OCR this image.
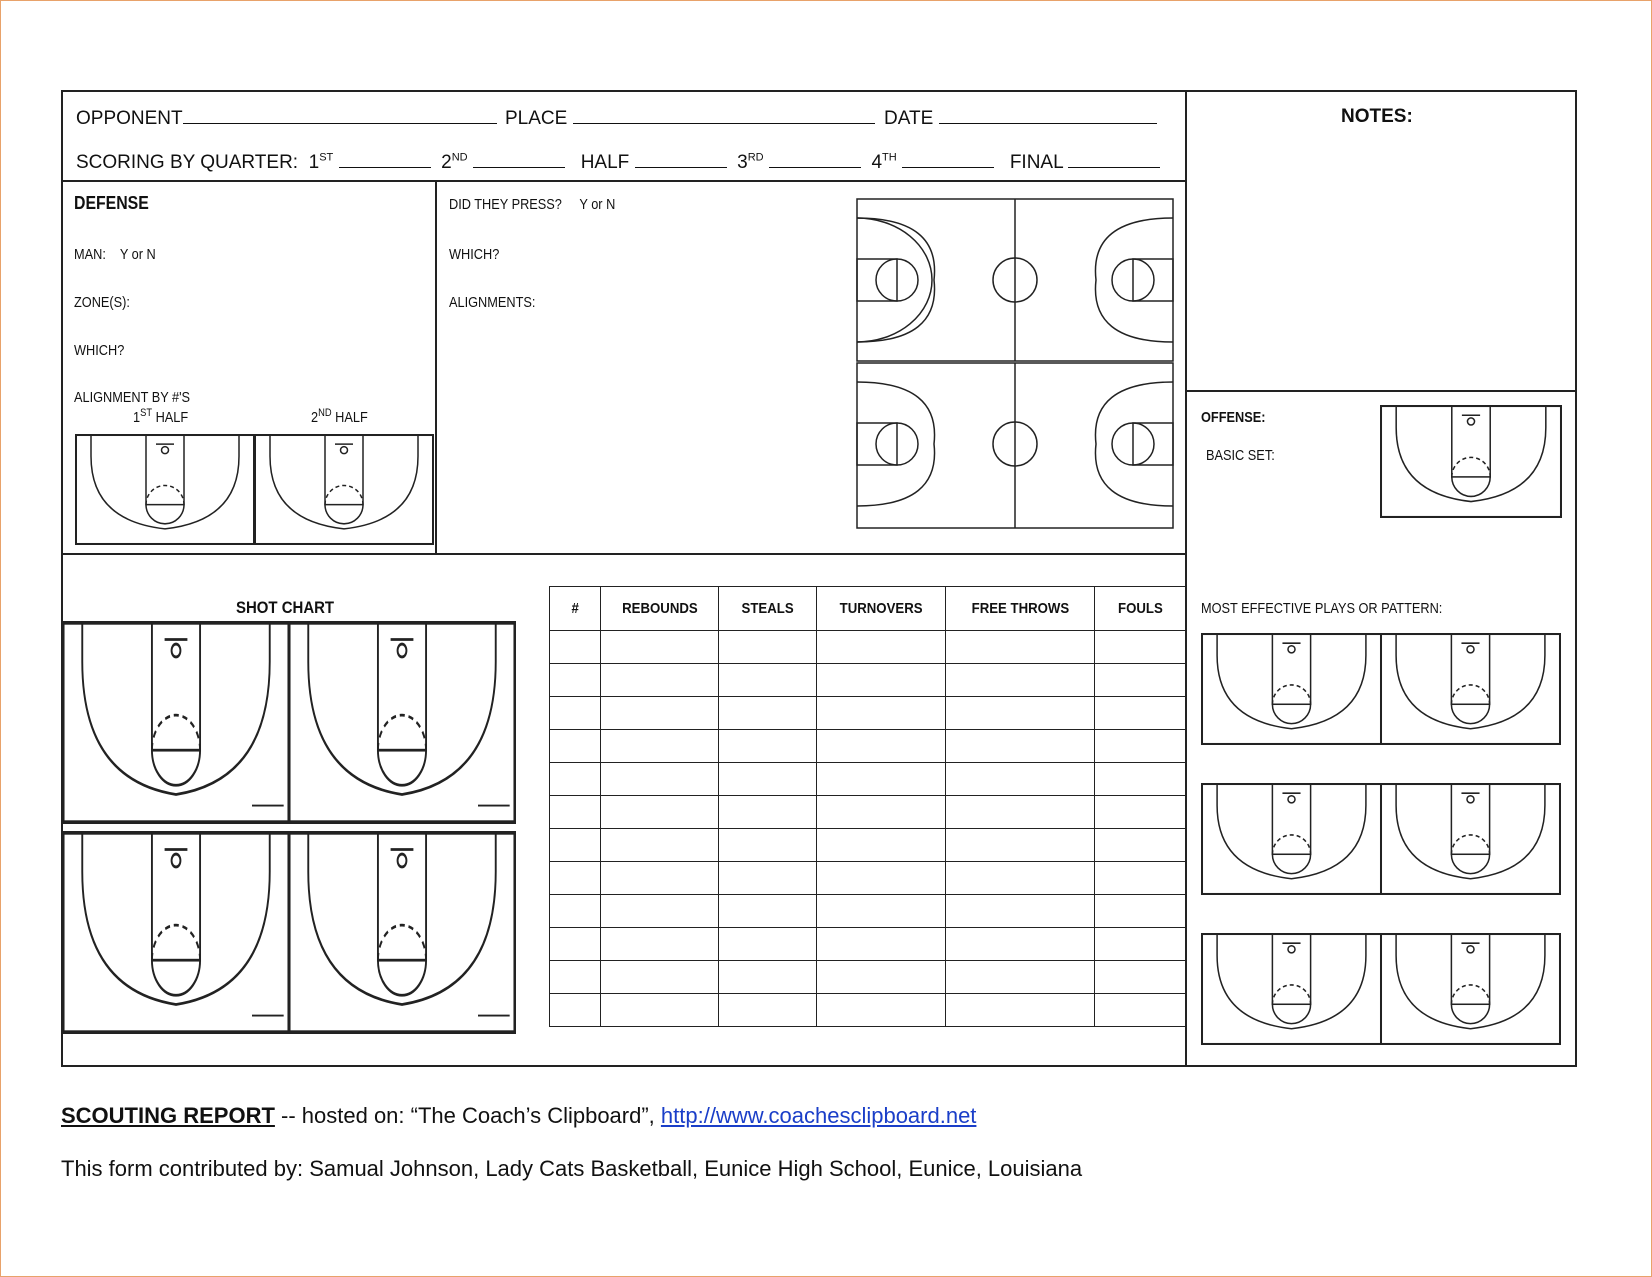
OPPONENT	PLACE	DATE
SCORING BY QUARTER: 1ST	2ND	HALF	3RD	4TH	FINAL
NOTES:
DEFENSE
MAN: Y or N
ZONE(S):
WHICH?
ALIGNMENT BY #'S
1ST HALF	2ND HALF
DID THEY PRESS? Y or N
WHICH?
ALIGNMENTS:
OFFENSE:
BASIC SET:
MOST EFFECTIVE PLAYS OR PATTERN:
SHOT CHART	#	REBOUNDS	STEALS	TURNOVERS	FREE THROWS	FOULS

SCOUTING REPORT -- hosted on: “The Coach’s Clipboard”, http://www.coachesclipboard.net
This form contributed by: Samual Johnson, Lady Cats Basketball, Eunice High School, Eunice, Louisiana
